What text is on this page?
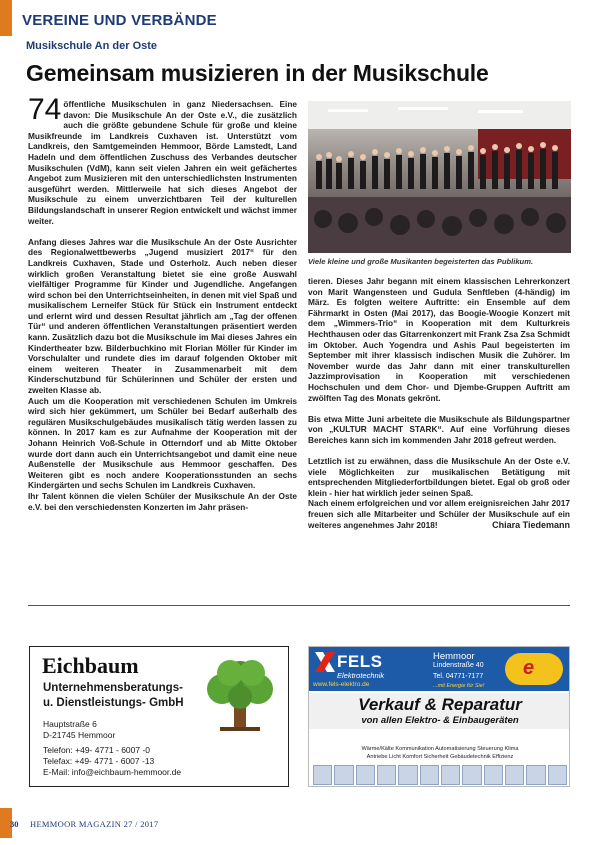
VEREINE UND VERBÄNDE
Musikschule An der Oste
Gemeinsam musizieren in der Musikschule

74 öffentliche Musikschulen in ganz Niedersachsen. Eine davon: Die Musikschule An der Oste e.V., die zusätzlich auch die größte gebundene Schule für große und kleine Musikfreunde im Landkreis Cuxhaven ist. Unterstützt vom Landkreis, den Samtgemeinden Hemmoor, Börde Lamstedt, Land Hadeln und dem öffentlichen Zuschuss des Verbandes deutscher Musikschulen (VdM), kann seit vielen Jahren ein weit gefächertes Angebot zum Musizieren mit den unterschiedlichsten Instrumenten ausgeführt werden. Mittlerweile hat sich dieses Angebot der Musikschule zu einem unverzichtbaren Teil der kulturellen Bildungslandschaft in unserer Region entwickelt und wächst immer weiter.

Anfang dieses Jahres war die Musikschule An der Oste Ausrichter des Regionalwettbewerbs „Jugend musiziert 2017“ für den Landkreis Cuxhaven, Stade und Osterholz. Auch neben dieser wirklich großen Veranstaltung bietet sie eine große Auswahl vielfältiger Programme für Kinder und Jugendliche. Angefangen wird schon bei den Unterrichtseinheiten, in denen mit viel Spaß und musikalischem Lerneifer Stück für Stück ein Instrument entdeckt und erlernt wird und dessen Resultat jährlich am „Tag der offenen Tür“ und anderen öffentlichen Veranstaltungen präsentiert werden kann. Zusätzlich dazu bot die Musikschule im Mai dieses Jahres ein Kindertheater bzw. Bilderbuchkino mit Florian Möller für Kinder im Vorschulalter und rundete dies im darauf folgenden Oktober mit einem weiteren Theater in Zusammenarbeit mit dem Kinderschutzbund für Schülerinnen und Schüler der ersten und zweiten Klasse ab.

Auch um die Kooperation mit verschiedenen Schulen im Umkreis wird sich hier gekümmert, um Schüler bei Bedarf außerhalb des regulären Musikschulgebäudes musikalisch tätig werden lassen zu können. In 2017 kam es zur Aufnahme der Kooperation mit der Johann Heinrich Voß-Schule in Otterndorf und ab Mitte Oktober wurde dort dann auch ein Unterrichtsangebot und damit eine neue Außenstelle der Musikschule aus Hemmoor geschaffen. Des Weiteren gibt es noch andere Kooperationsstunden an sechs Kindergärten und sechs Schulen im Landkreis Cuxhaven.

Ihr Talent können die vielen Schüler der Musikschule An der Oste e.V. bei den verschiedensten Konzerten im Jahr präsen-

Viele kleine und große Musikanten begeisterten das Publikum.

tieren. Dieses Jahr begann mit einem klassischen Lehrerkonzert von Marit Wangensteen und Gudula Senftleben (4-händig) im März. Es folgten weitere Auftritte: ein Ensemble auf dem Fährmarkt in Osten (Mai 2017), das Boogie-Woogie Konzert mit dem „Wimmers-Trio“ in Kooperation mit dem Kulturkreis Hechthausen oder das Gitarrenkonzert mit Frank Zsa Zsa Schmidt im Oktober. Auch Yogendra und Ashis Paul begeisterten im September mit ihrer klassisch indischen Musik die Zuhörer. Im November wurde das Jahr dann mit einer transkulturellen Jazzimprovisation in Kooperation mit verschiedenen Hochschulen und dem Chor- und Djembe-Gruppen Auftritt am zwölften Tag des Monats gekrönt.

Bis etwa Mitte Juni arbeitete die Musikschule als Bildungspartner von „KULTUR MACHT STARK“. Auf eine Vorführung dieses Bereiches kann sich im kommenden Jahr 2018 gefreut werden.

Letztlich ist zu erwähnen, dass die Musikschule An der Oste e.V. viele Möglichkeiten zur musikalischen Betätigung mit entsprechenden Mitgliederfortbildungen bietet. Egal ob groß oder klein - hier hat wirklich jeder seinen Spaß.

Nach einem erfolgreichen und vor allem ereignisreichen Jahr 2017 freuen sich alle Mitarbeiter und Schüler der Musikschule auf ein weiteres angenehmes Jahr 2018!	Chiara Tiedemann

Eichbaum
Unternehmensberatungs-
u. Dienstleistungs- GmbH
Hauptstraße 6
D-21745 Hemmoor
Telefon: +49- 4771 - 6007 -0
Telefax: +49- 4771 - 6007 -13
E-Mail: info@eichbaum-hemmoor.de
FELS
Elektrotechnik
www.fels-elektro.de
Hemmoor
Lindenstraße 40
Tel. 04771-7177
...mit Energie für Sie!
e
Verkauf & Reparatur
von allen Elektro- & Einbaugeräten
Wärme/Kälte Kommunikation Automatisierung Steuerung Klima
Antriebe Licht Komfort Sicherheit Gebäudetechnik Effizienz
30 HEMMOOR MAGAZIN 27 / 2017
